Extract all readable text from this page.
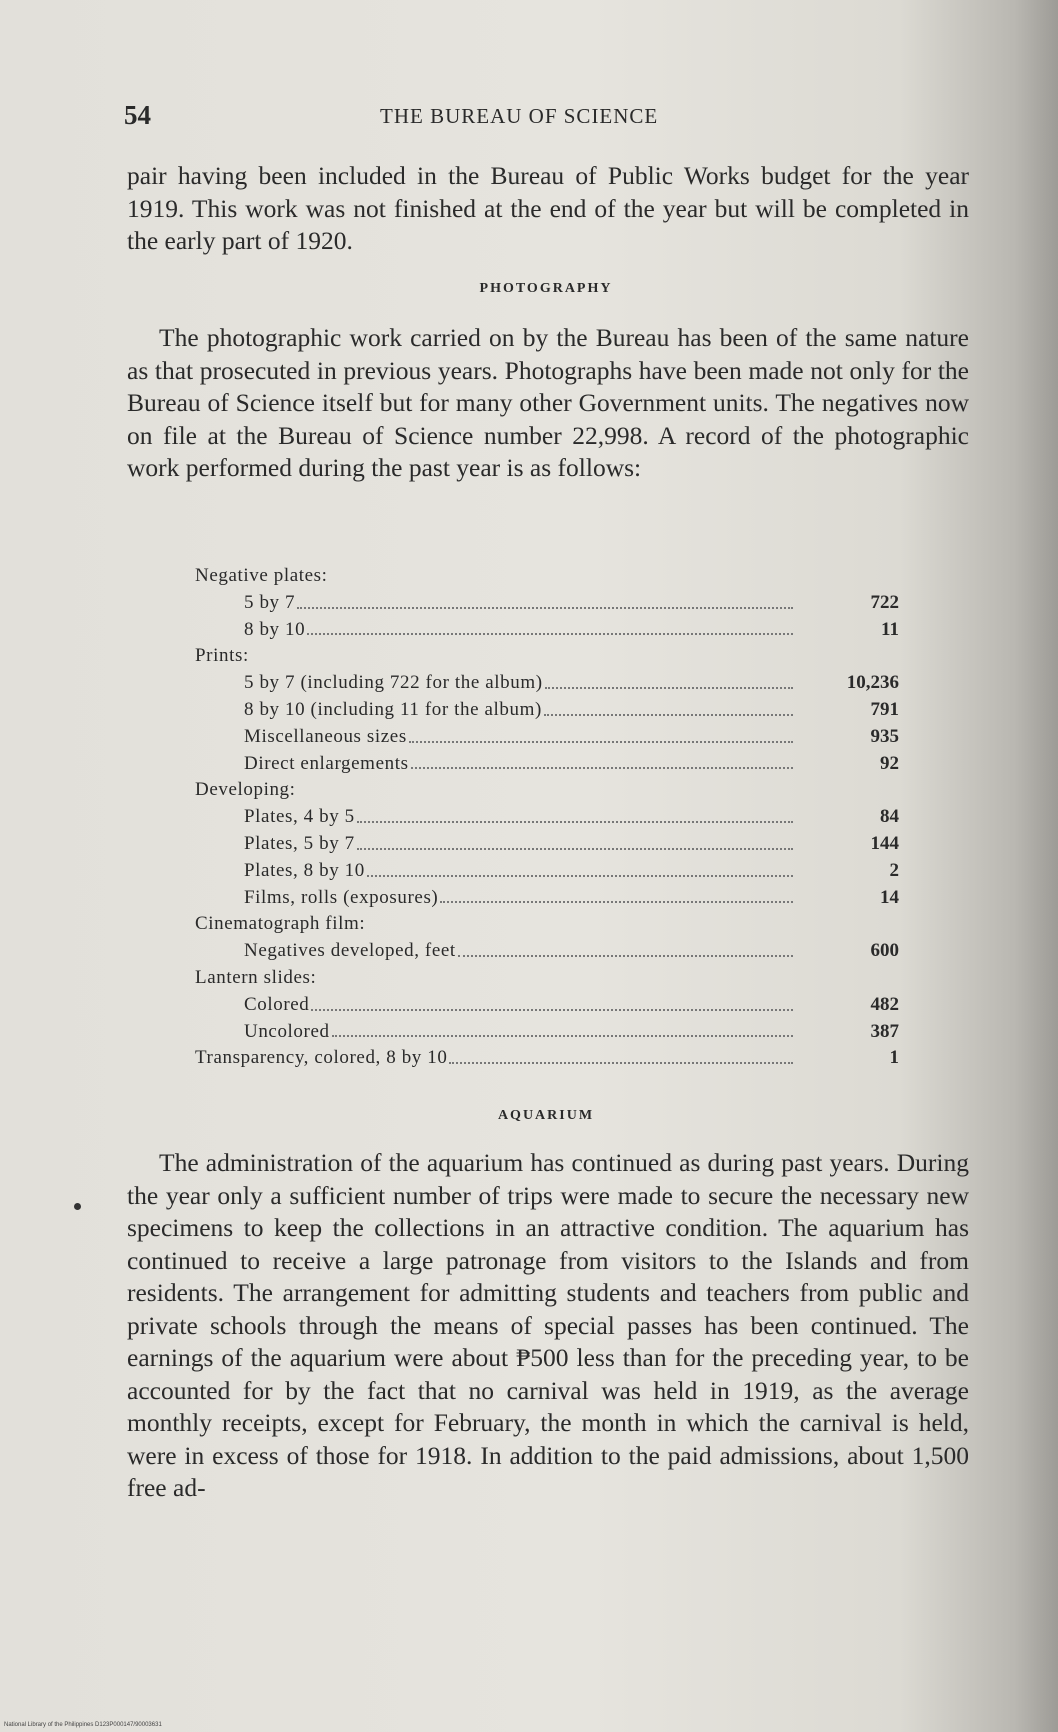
54	THE BUREAU OF SCIENCE

pair having been included in the Bureau of Public Works budget for the year 1919. This work was not finished at the end of the year but will be completed in the early part of 1920.

PHOTOGRAPHY

The photographic work carried on by the Bureau has been of the same nature as that prosecuted in previous years. Photographs have been made not only for the Bureau of Science itself but for many other Government units. The negatives now on file at the Bureau of Science number 22,998. A record of the photographic work performed during the past year is as follows:

Negative plates:
722
5 by 7
11
8 by 10
Prints:
10,236
5 by 7 (including 722 for the album)
791
8 by 10 (including 11 for the album)
935
Miscellaneous sizes
92
Direct enlargements
Developing:
84
Plates, 4 by 5
144
Plates, 5 by 7
2
Plates, 8 by 10
14
Films, rolls (exposures)
Cinematograph film:
600
Negatives developed, feet
Lantern slides:
482
Colored
387
Uncolored
1
Transparency, colored, 8 by 10
AQUARIUM

The administration of the aquarium has continued as during past years. During the year only a sufficient number of trips were made to secure the necessary new specimens to keep the collections in an attractive condition. The aquarium has continued to receive a large patronage from visitors to the Islands and from residents. The arrangement for admitting students and teachers from public and private schools through the means of special passes has been continued. The earnings of the aquarium were about ₱500 less than for the preceding year, to be accounted for by the fact that no carnival was held in 1919, as the average monthly receipts, except for February, the month in which the carnival is held, were in excess of those for 1918. In addition to the paid admissions, about 1,500 free ad-

National Library of the Philippines D123P000147/90003631
